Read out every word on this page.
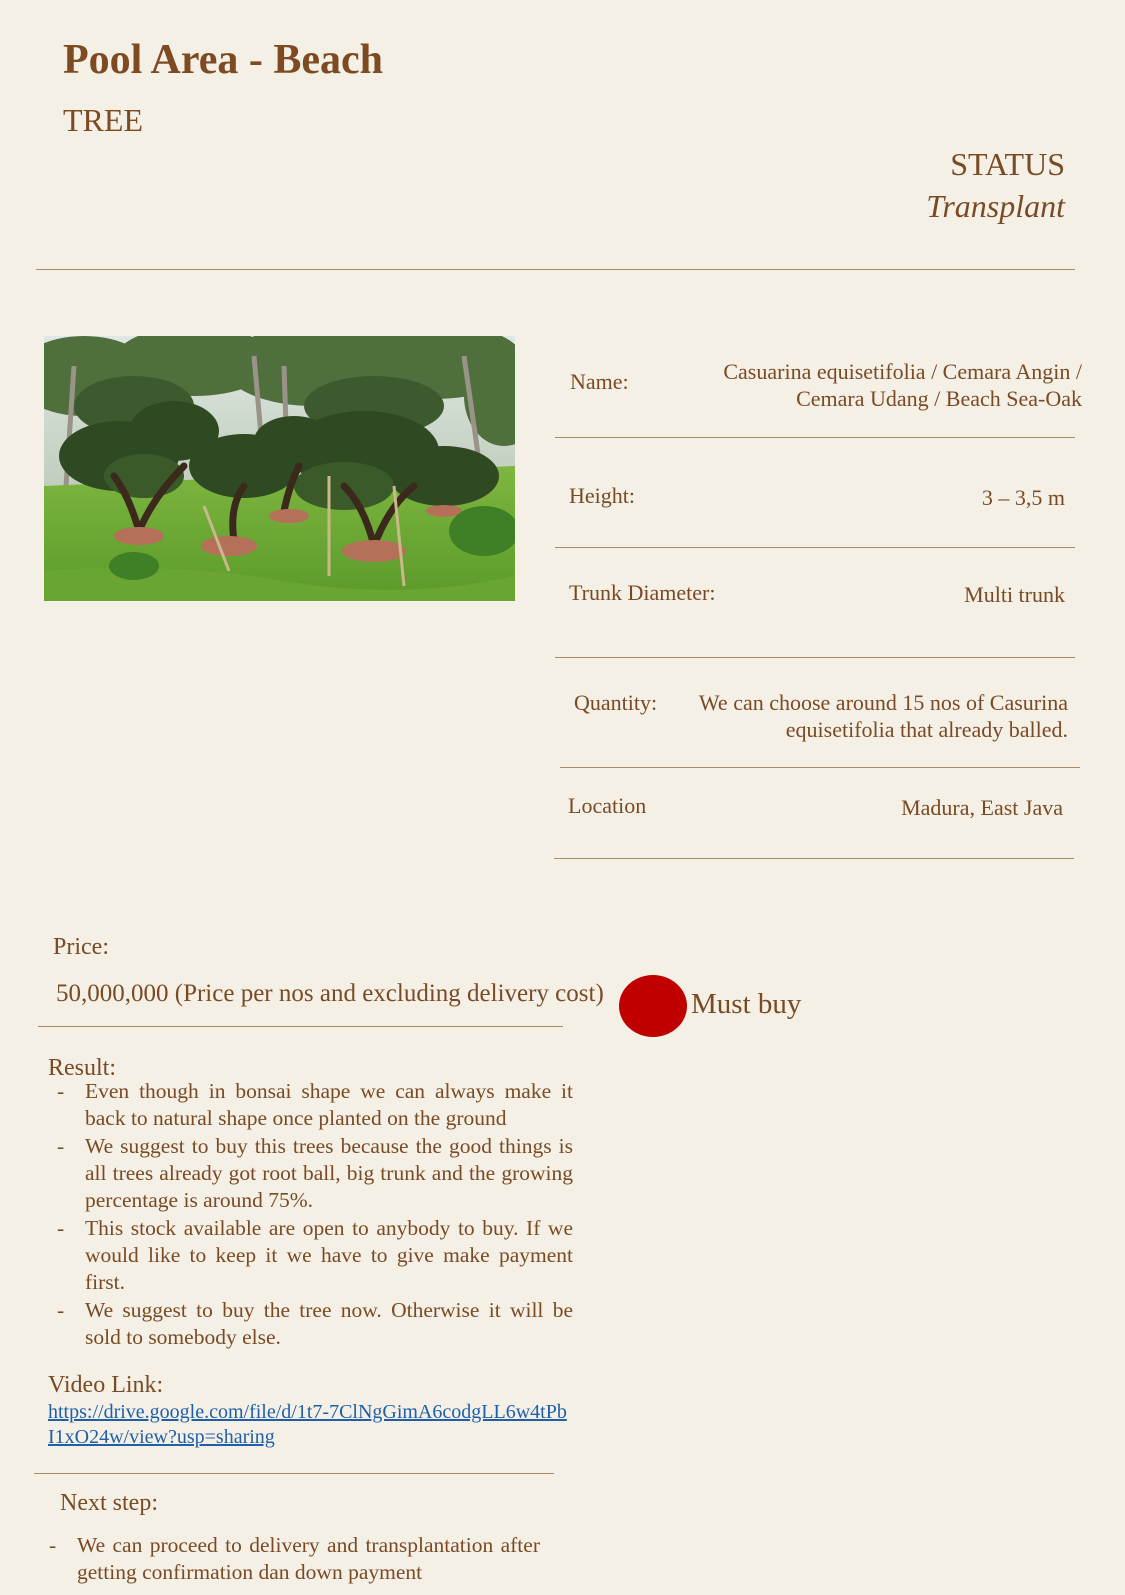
Pool Area - Beach
TREE
STATUS
Transplant
Name:	Casuarina equisetifolia / Cemara Angin / Cemara Udang / Beach Sea-Oak
Height:	3 – 3,5 m
Trunk Diameter:	Multi trunk
Quantity:	We can choose around 15 nos of Casurina equisetifolia that already balled.
Location	Madura, East Java
Price:
50,000,000 (Price per nos and excluding delivery cost)	Must buy
Result:
- Even though in bonsai shape we can always make it back to natural shape once planted on the ground
- We suggest to buy this trees because the good things is all trees already got root ball, big trunk and the growing percentage is around 75%.
- This stock available are open to anybody to buy. If we would like to keep it we have to give make payment first.
- We suggest to buy the tree now. Otherwise it will be sold to somebody else.
Video Link:
https://drive.google.com/file/d/1t7-7ClNgGimA6codgLL6w4tPbI1xO24w/view?usp=sharing
Next step:
- We can proceed to delivery and transplantation after getting confirmation dan down payment
